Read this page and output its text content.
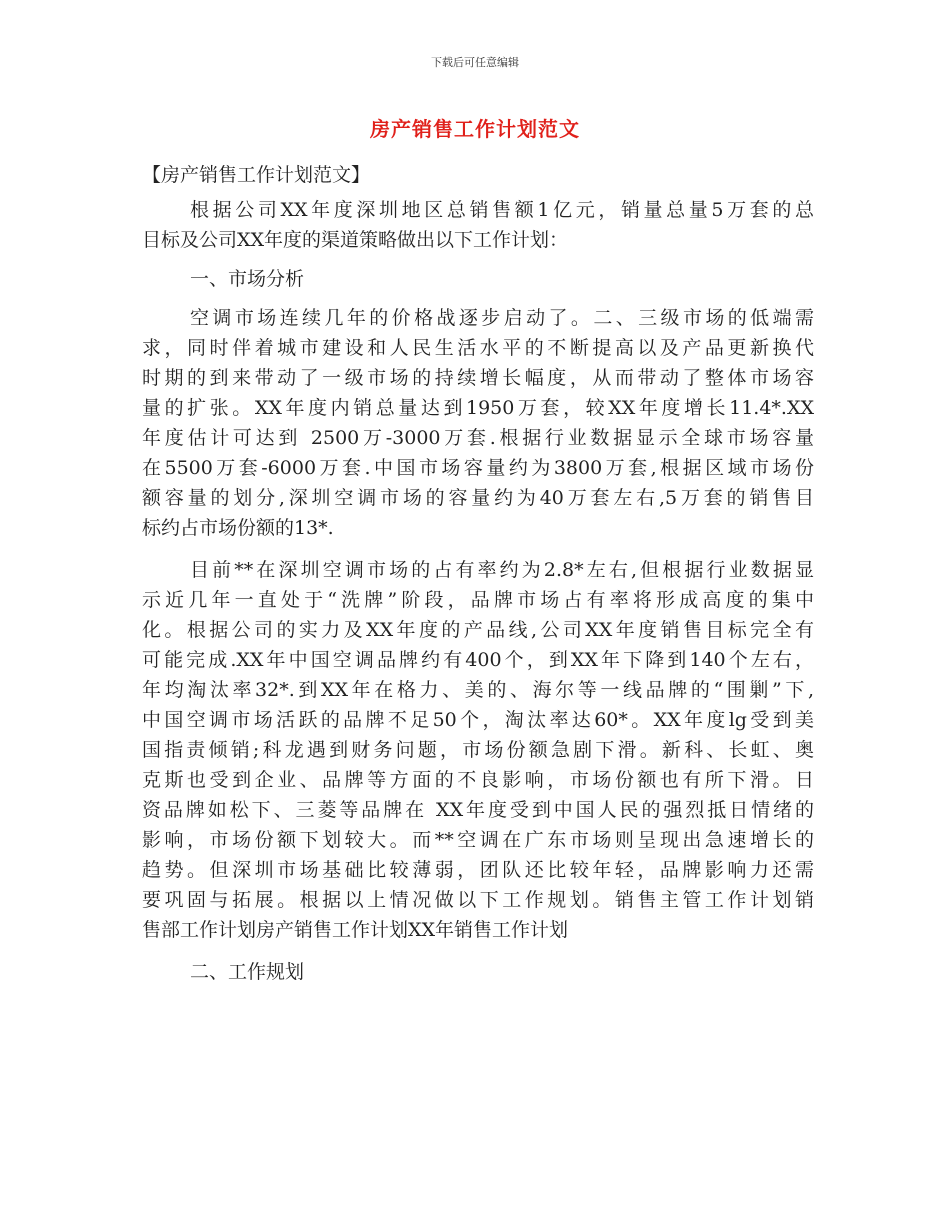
下载后可任意编辑
房产销售工作计划范文

【房产销售工作计划范文】

根据公司XX年度深圳地区总销售额1亿元，销量总量5万套的总
目标及公司XX年度的渠道策略做出以下工作计划：

一、市场分析

空调市场连续几年的价格战逐步启动了。二、三级市场的低端需
求，同时伴着城市建设和人民生活水平的不断提高以及产品更新换代
时期的到来带动了一级市场的持续增长幅度，从而带动了整体市场容
量的扩张。XX年度内销总量达到1950万套，较XX年度增长11.4*.XX
年度估计可达到 2500万-3000万套.根据行业数据显示全球市场容量
在5500万套-6000万套.中国市场容量约为3800万套,根据区域市场份
额容量的划分,深圳空调市场的容量约为40万套左右,5万套的销售目
标约占市场份额的13*.

目前**在深圳空调市场的占有率约为2.8*左右,但根据行业数据显
示近几年一直处于“洗牌”阶段，品牌市场占有率将形成高度的集中
化。根据公司的实力及XX年度的产品线,公司XX年度销售目标完全有
可能完成.XX年中国空调品牌约有400个，到XX年下降到140个左右，
年均淘汰率32*.到XX年在格力、美的、海尔等一线品牌的“围剿”下,
中国空调市场活跃的品牌不足50个，淘汰率达60*。XX年度lg受到美
国指责倾销;科龙遇到财务问题，市场份额急剧下滑。新科、长虹、奥
克斯也受到企业、品牌等方面的不良影响，市场份额也有所下滑。日
资品牌如松下、三菱等品牌在 XX年度受到中国人民的强烈抵日情绪的
影响，市场份额下划较大。而**空调在广东市场则呈现出急速增长的
趋势。但深圳市场基础比较薄弱，团队还比较年轻，品牌影响力还需
要巩固与拓展。根据以上情况做以下工作规划。销售主管工作计划销
售部工作计划房产销售工作计划XX年销售工作计划

二、工作规划
